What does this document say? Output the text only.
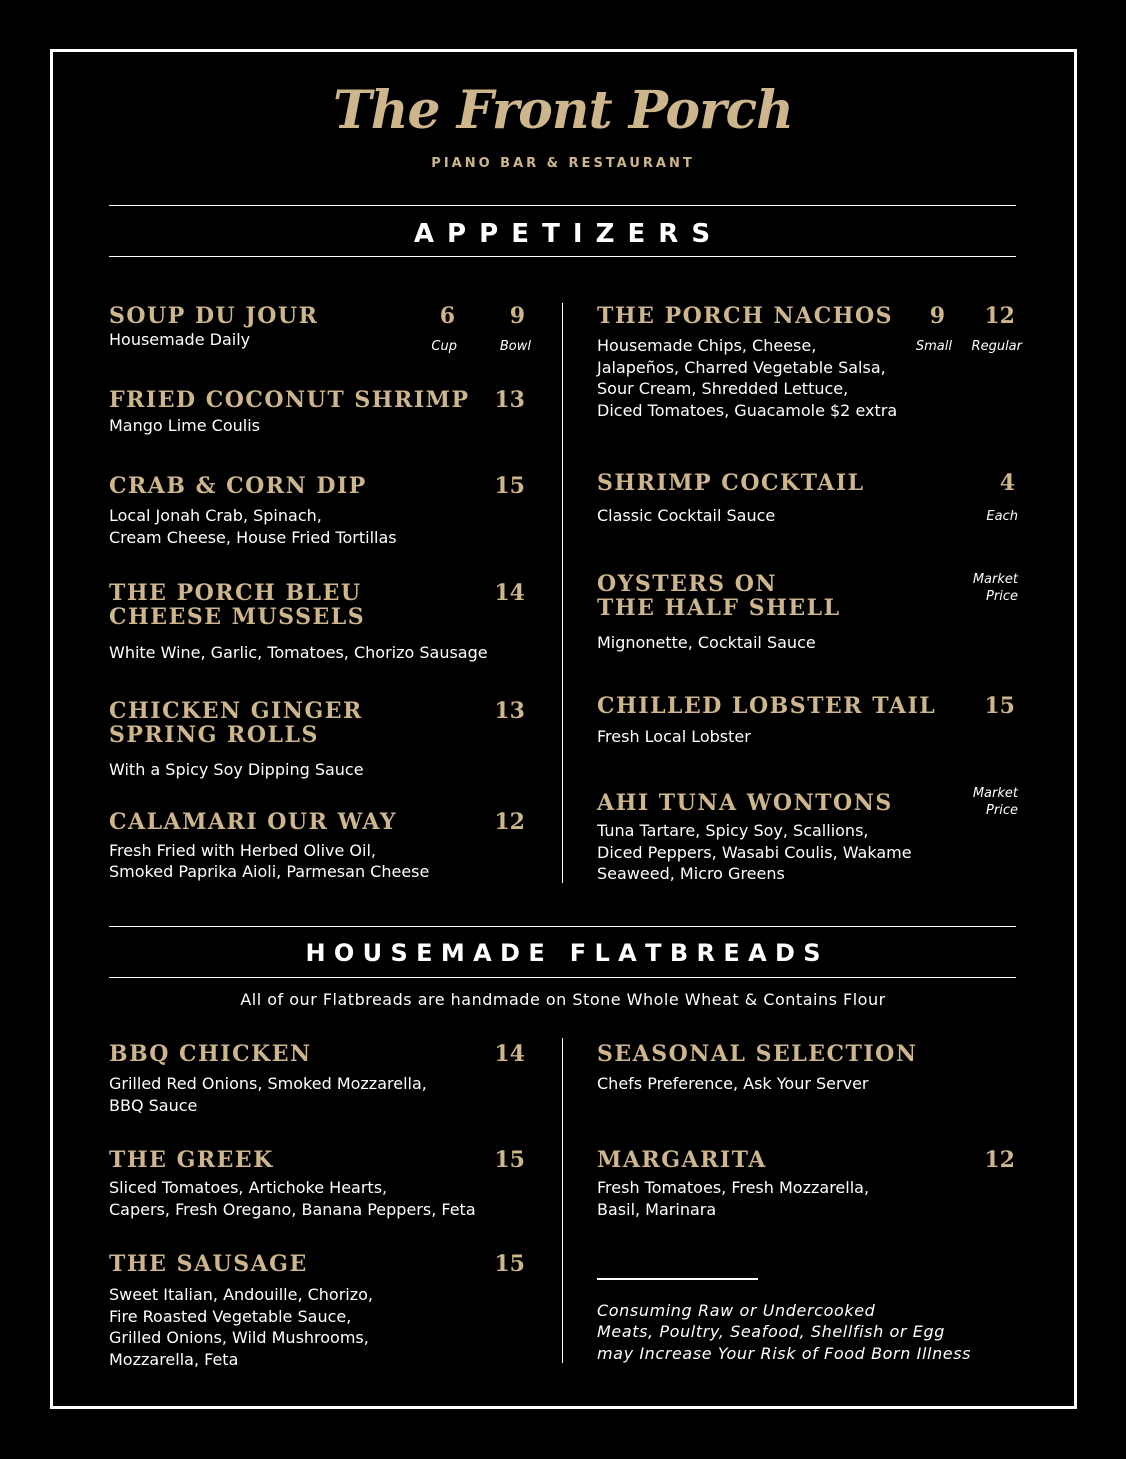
The Front Porch
PIANO BAR & RESTAURANT
A P P E T I Z E R S
SOUP DU JOUR	6	9
Cup	Bowl
Housemade Daily
FRIED COCONUT SHRIMP	13
Mango Lime Coulis
CRAB & CORN DIP	15
Local Jonah Crab, Spinach,
Cream Cheese, House Fried Tortillas
THE PORCH BLEU
CHEESE MUSSELS
14
White Wine, Garlic, Tomatoes, Chorizo Sausage
CHICKEN GINGER
SPRING ROLLS
13
With a Spicy Soy Dipping Sauce
CALAMARI OUR WAY	12
Fresh Fried with Herbed Olive Oil,
Smoked Paprika Aioli, Parmesan Cheese
THE PORCH NACHOS	9	12
Small	Regular
Housemade Chips, Cheese,
Jalapeños, Charred Vegetable Salsa,
Sour Cream, Shredded Lettuce,
Diced Tomatoes, Guacamole $2 extra
SHRIMP COCKTAIL	4
Each
Classic Cocktail Sauce
OYSTERS ON
THE HALF SHELL
Market
Price
Mignonette, Cocktail Sauce
CHILLED LOBSTER TAIL	15
Fresh Local Lobster
AHI TUNA WONTONS	Market
Price
Tuna Tartare, Spicy Soy, Scallions,
Diced Peppers, Wasabi Coulis, Wakame
Seaweed, Micro Greens
H O U S E M A D E   F L A T B R E A D S
All of our Flatbreads are handmade on Stone Whole Wheat & Contains Flour
BBQ CHICKEN	14
Grilled Red Onions, Smoked Mozzarella,
BBQ Sauce
THE GREEK	15
Sliced Tomatoes, Artichoke Hearts,
Capers, Fresh Oregano, Banana Peppers, Feta
THE SAUSAGE	15
Sweet Italian, Andouille, Chorizo,
Fire Roasted Vegetable Sauce,
Grilled Onions, Wild Mushrooms,
Mozzarella, Feta
SEASONAL SELECTION
Chefs Preference, Ask Your Server
MARGARITA	12
Fresh Tomatoes, Fresh Mozzarella,
Basil, Marinara
Consuming Raw or Undercooked
Meats, Poultry, Seafood, Shellfish or Egg
may Increase Your Risk of Food Born Illness
